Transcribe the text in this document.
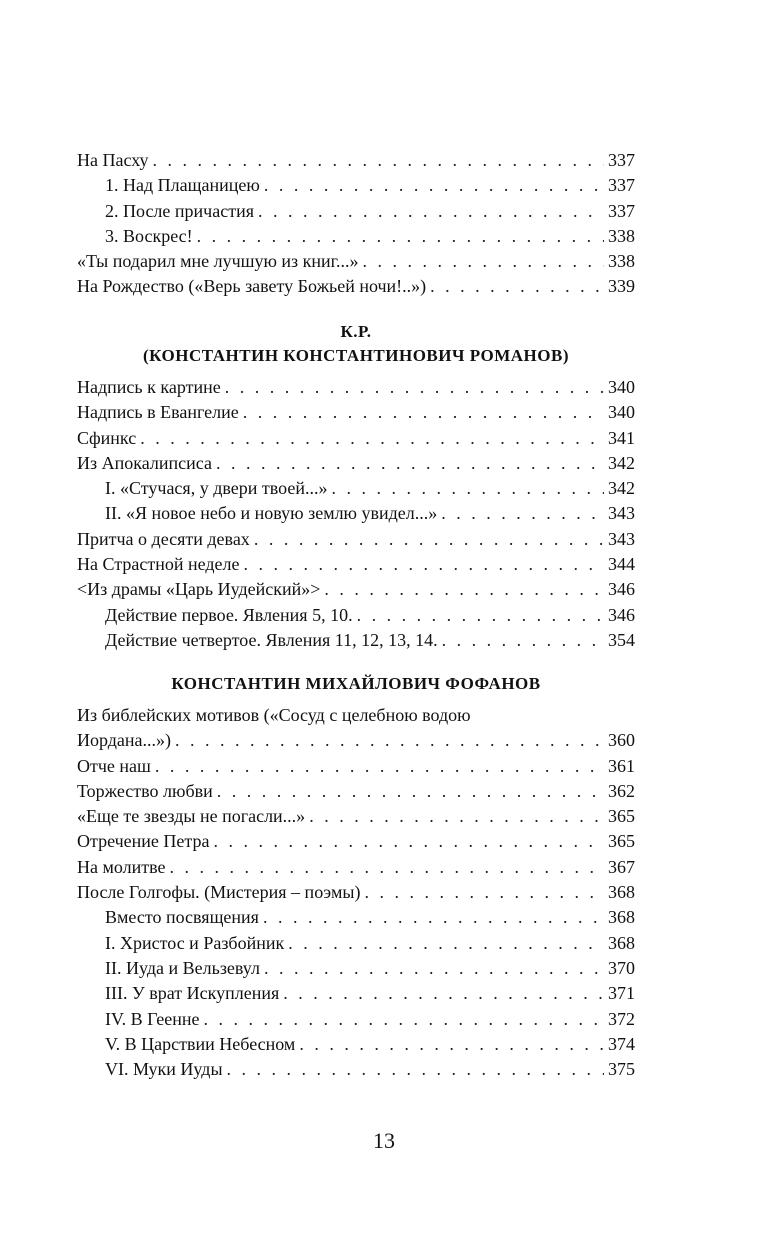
На Пасху . . .	337
1. Над Плащаницею . . .	337
2. После причастия . . .	337
3. Воскрес! . . .	338
«Ты подарил мне лучшую из книг...» . . .	338
На Рождество («Верь завету Божьей ночи!..») . . .	339
К.Р.
(КОНСТАНТИН КОНСТАНТИНОВИЧ РОМАНОВ)
Надпись к картине . . .	340
Надпись в Евангелие . . .	340
Сфинкс . . .	341
Из Апокалипсиса . . .	342
I. «Стучася, у двери твоей...» . . .	342
II. «Я новое небо и новую землю увидел...» . . .	343
Притча о десяти девах . . .	343
На Страстной неделе . . .	344
<Из драмы «Царь Иудейский»> . . .	346
Действие первое. Явления 5, 10. . . .	346
Действие четвертое. Явления 11, 12, 13, 14. . . .	354
КОНСТАНТИН МИХАЙЛОВИЧ ФОФАНОВ
Из библейских мотивов («Сосуд с целебною водою
Иордана...») . . .	360
Отче наш . . .	361
Торжество любви . . .	362
«Еще те звезды не погасли...» . . .	365
Отречение Петра . . .	365
На молитве . . .	367
После Голгофы. (Мистерия – поэмы) . . .	368
Вместо посвящения . . .	368
I. Христос и Разбойник . . .	368
II. Иуда и Вельзевул . . .	370
III. У врат Искупления . . .	371
IV. В Геенне . . .	372
V. В Царствии Небесном . . .	374
VI. Муки Иуды . . .	375
13
